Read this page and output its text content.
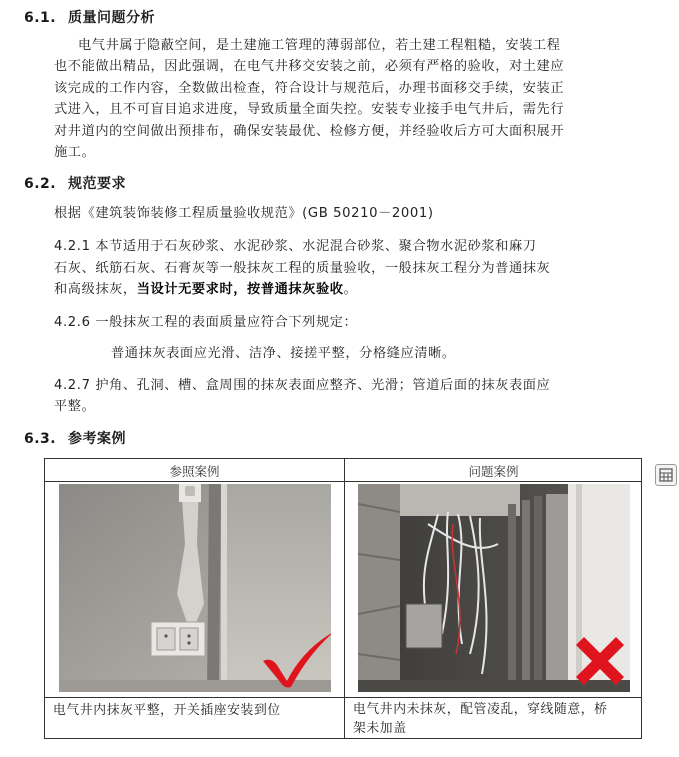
6.1. 质量问题分析
电气井属于隐蔽空间，是土建施工管理的薄弱部位，若土建工程粗糙，安装工程
也不能做出精品，因此强调，在电气井移交安装之前，必须有严格的验收，对土建应
该完成的工作内容，全数做出检查，符合设计与规范后，办理书面移交手续，安装正
式进入，且不可盲目追求进度，导致质量全面失控。安装专业接手电气井后，需先行
对井道内的空间做出预排布，确保安装最优、检修方便，并经验收后方可大面积展开
施工。
6.2. 规范要求
根据《建筑装饰装修工程质量验收规范》(GB 50210－2001)
4.2.1 本节适用于石灰砂浆、水泥砂浆、水泥混合砂浆、聚合物水泥砂浆和麻刀
石灰、纸筋石灰、石膏灰等一般抹灰工程的质量验收，一般抹灰工程分为普通抹灰
和高级抹灰，当设计无要求时，按普通抹灰验收。
4.2.6 一般抹灰工程的表面质量应符合下列规定：
普通抹灰表面应光滑、洁净、接搓平整，分格缝应清晰。
4.2.7 护角、孔洞、槽、盒周围的抹灰表面应整齐、光滑；管道后面的抹灰表面应
平整。
6.3. 参考案例
参照案例	问题案例
电气井内抹灰平整，开关插座安装到位	电气井内未抹灰，配管凌乱，穿线随意，桥
架未加盖
